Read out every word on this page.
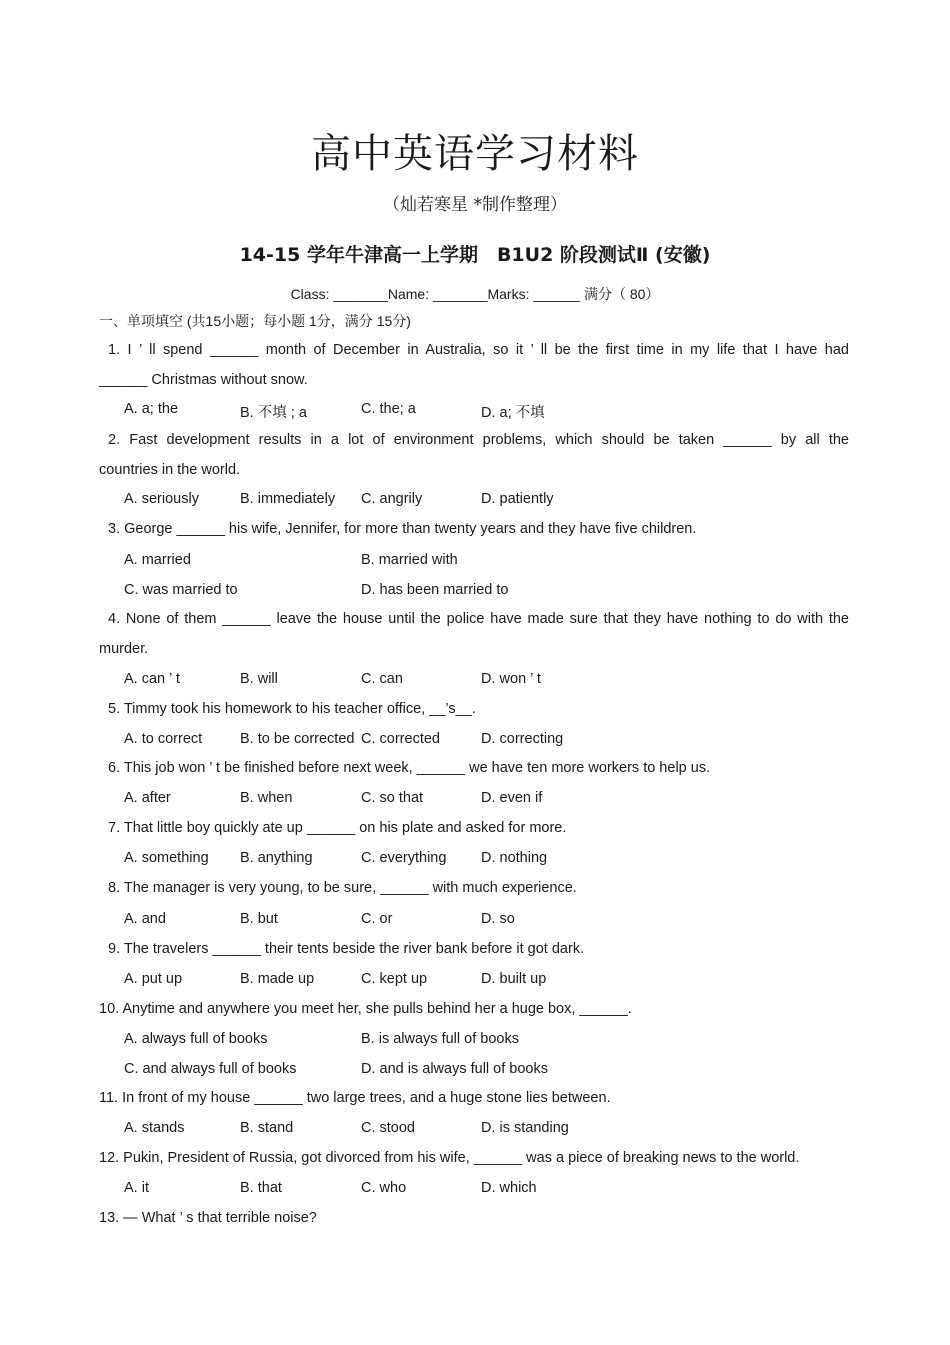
高中英语学习材料
（灿若寒星 *制作整理）
14-15 学年牛津高一上学期　B1U2 阶段测试Ⅱ (安徽)
Class: _______Name: _______Marks: ______ 满分（ 80）
一、单项填空 (共15小题；每小题 1分，满分 15分)
1. I ’ ll spend ______ month of December in Australia, so it ’ ll be the first time in my life that I have had
______ Christmas without snow.
A. a; the	B. 不填 ; a	C. the; a	D. a; 不填
2. Fast development results in a lot of environment problems, which should be taken ______ by all the
countries in the world.
A. seriously	B. immediately C. angrily	D. patiently
3. George ______ his wife, Jennifer, for more than twenty years and they have five children.
A. married	B. married with
C. was married to	D. has been married to
4. None of them ______ leave the house until the police have made sure that they have nothing to do with the
murder.
A. can ’ t	B. will	C. can	D. won ’ t
5. Timmy took his homework to his teacher office, __’s__.
A. to correct	B. to be corrected C. corrected	D. correcting
6. This job won ’ t be finished before next week, ______ we have ten more workers to help us.
A. after	B. when	C. so that	D. even if
7. That little boy quickly ate up ______ on his plate and asked for more.
A. something B. anything	C. everything D. nothing
8. The manager is very young, to be sure, ______ with much experience.
A. and	B. but	C. or	D. so
9. The travelers ______ their tents beside the river bank before it got dark.
A. put up	B. made up	C. kept up	D. built up
10. Anytime and anywhere you meet her, she pulls behind her a huge box, ______.
A. always full of books	B. is always full of books
C. and always full of books	D. and is always full of books
11. In front of my house ______ two large trees, and a huge stone lies between.
A. stands	B. stand	C. stood	D. is standing
12. Pukin, President of Russia, got divorced from his wife, ______ was a piece of breaking news to the world.
A. it	B. that	C. who	D. which
13. — What ’ s that terrible noise?
